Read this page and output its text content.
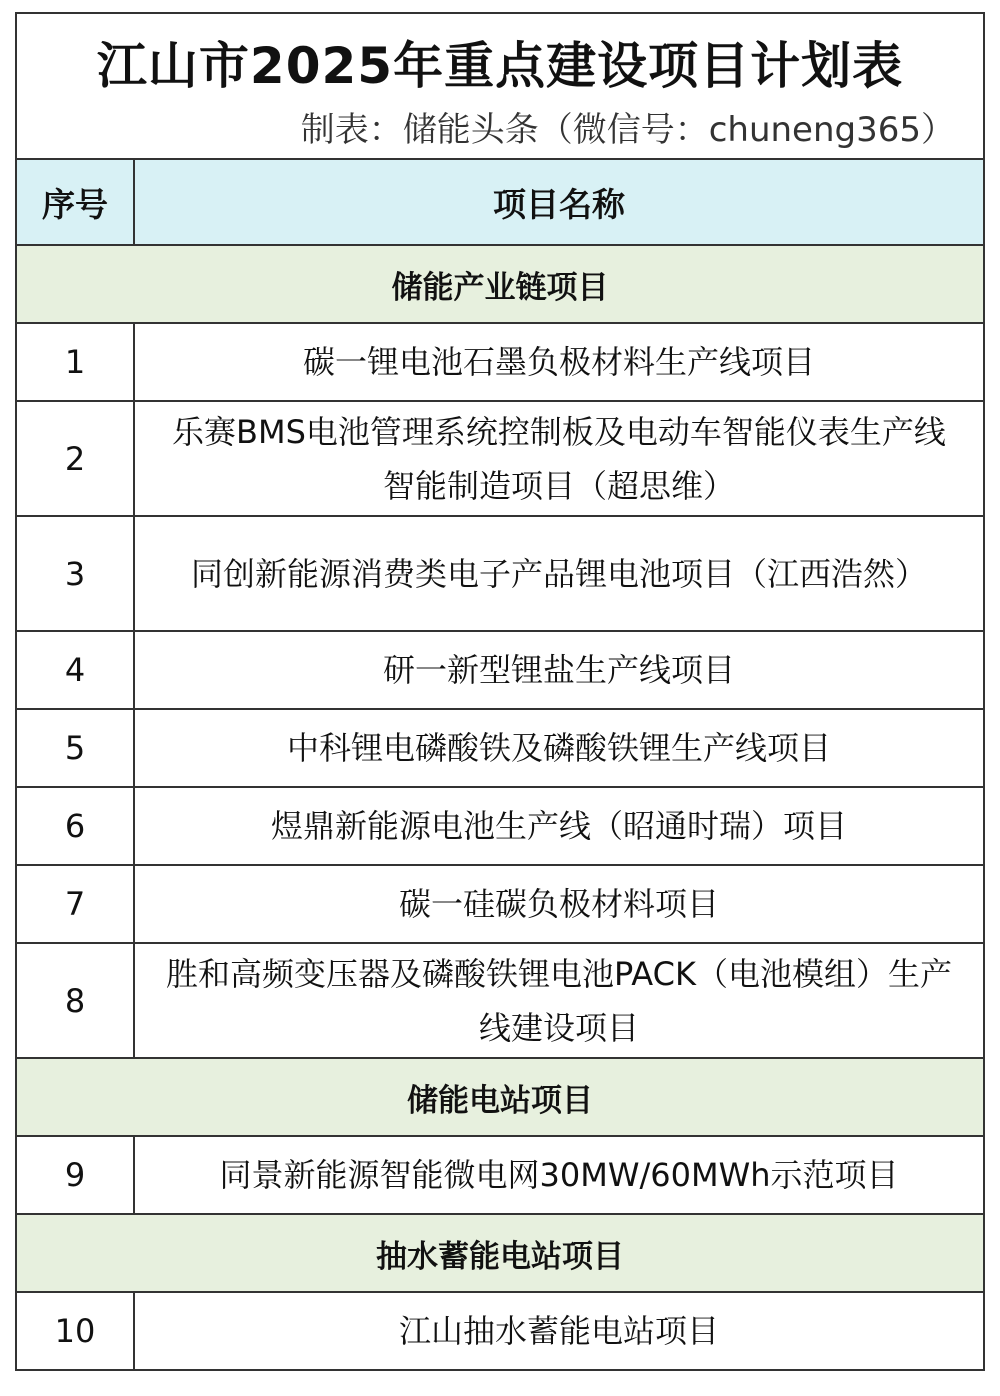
江山市2025年重点建设项目计划表
制表：储能头条（微信号：chuneng365）	

序号	项目名称
储能产业链项目	
1	碳一锂电池石墨负极材料生产线项目
2	乐赛BMS电池管理系统控制板及电动车智能仪表生产线智能制造项目（超思维）
3	同创新能源消费类电子产品锂电池项目（江西浩然）
4	研一新型锂盐生产线项目
5	中科锂电磷酸铁及磷酸铁锂生产线项目
6	煜鼎新能源电池生产线（昭通时瑞）项目
7	碳一硅碳负极材料项目
8	胜和高频变压器及磷酸铁锂电池PACK（电池模组）生产线建设项目
储能电站项目	
9	同景新能源智能微电网30MW/60MWh示范项目
抽水蓄能电站项目	
10	江山抽水蓄能电站项目
